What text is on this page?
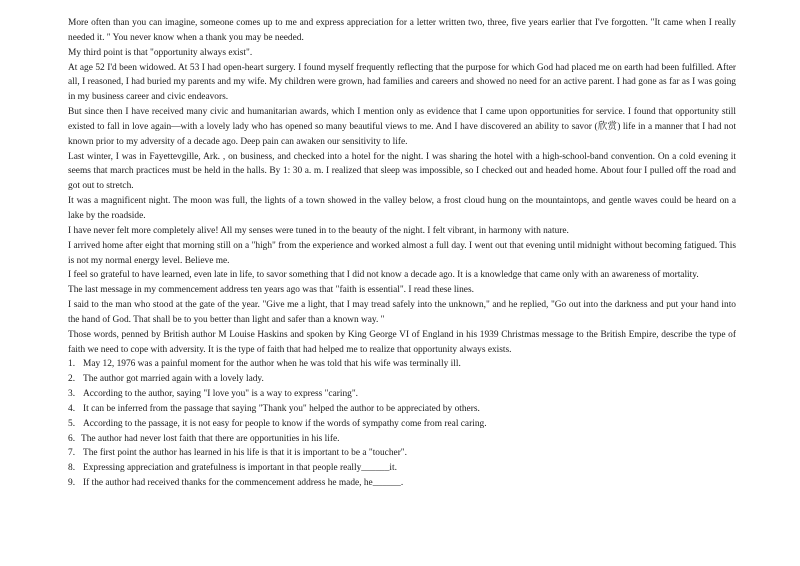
More often than you can imagine, someone comes up to me and express appreciation for a letter written two, three, five years earlier that I've forgotten. "It came when I really needed it. " You never know when a thank you may be needed.

My third point is that "opportunity always exist".

At age 52 I'd been widowed. At 53 I had open-heart surgery. I found myself frequently reflecting that the purpose for which God had placed me on earth had been fulfilled. After all, I reasoned, I had buried my parents and my wife. My children were grown, had families and careers and showed no need for an active parent. I had gone as far as I was going in my business career and civic endeavors.

But since then I have received many civic and humanitarian awards, which I mention only as evidence that I came upon opportunities for service. I found that opportunity still existed to fall in love again—with a lovely lady who has opened so many beautiful views to me. And I have discovered an ability to savor (欣赏) life in a manner that I had not known prior to my adversity of a decade ago. Deep pain can awaken our sensitivity to life.

Last winter, I was in Fayettevgille, Ark. , on business, and checked into a hotel for the night. I was sharing the hotel with a high-school-band convention. On a cold evening it seems that march practices must be held in the halls. By 1: 30 a. m. I realized that sleep was impossible, so I checked out and headed home. About four I pulled off the road and got out to stretch.

It was a magnificent night. The moon was full, the lights of a town showed in the valley below, a frost cloud hung on the mountaintops, and gentle waves could be heard on a lake by the roadside.

I have never felt more completely alive! All my senses were tuned in to the beauty of the night. I felt vibrant, in harmony with nature.

I arrived home after eight that morning still on a "high" from the experience and worked almost a full day. I went out that evening until midnight without becoming fatigued. This is not my normal energy level. Believe me.

I feel so grateful to have learned, even late in life, to savor something that I did not know a decade ago. It is a knowledge that came only with an awareness of mortality.

The last message in my commencement address ten years ago was that "faith is essential". I read these lines.

I said to the man who stood at the gate of the year. "Give me a light, that I may tread safely into the unknown," and he replied, "Go out into the darkness and put your hand into the hand of God. That shall be to you better than light and safer than a known way. "

Those words, penned by British author M Louise Haskins and spoken by King George VI of England in his 1939 Christmas message to the British Empire, describe the type of faith we need to cope with adversity. It is the type of faith that had helped me to realize that opportunity always exists.

1. May 12, 1976 was a painful moment for the author when he was told that his wife was terminally ill.
2. The author got married again with a lovely lady.
3. According to the author, saying "I love you" is a way to express "caring".
4. It can be inferred from the passage that saying "Thank you" helped the author to be appreciated by others.
5. According to the passage, it is not easy for people to know if the words of sympathy come from real caring.
6. The author had never lost faith that there are opportunities in his life.
7. The first point the author has learned in his life is that it is important to be a "toucher".
8. Expressing appreciation and gratefulness is important in that people really______it.
9. If the author had received thanks for the commencement address he made, he______.
